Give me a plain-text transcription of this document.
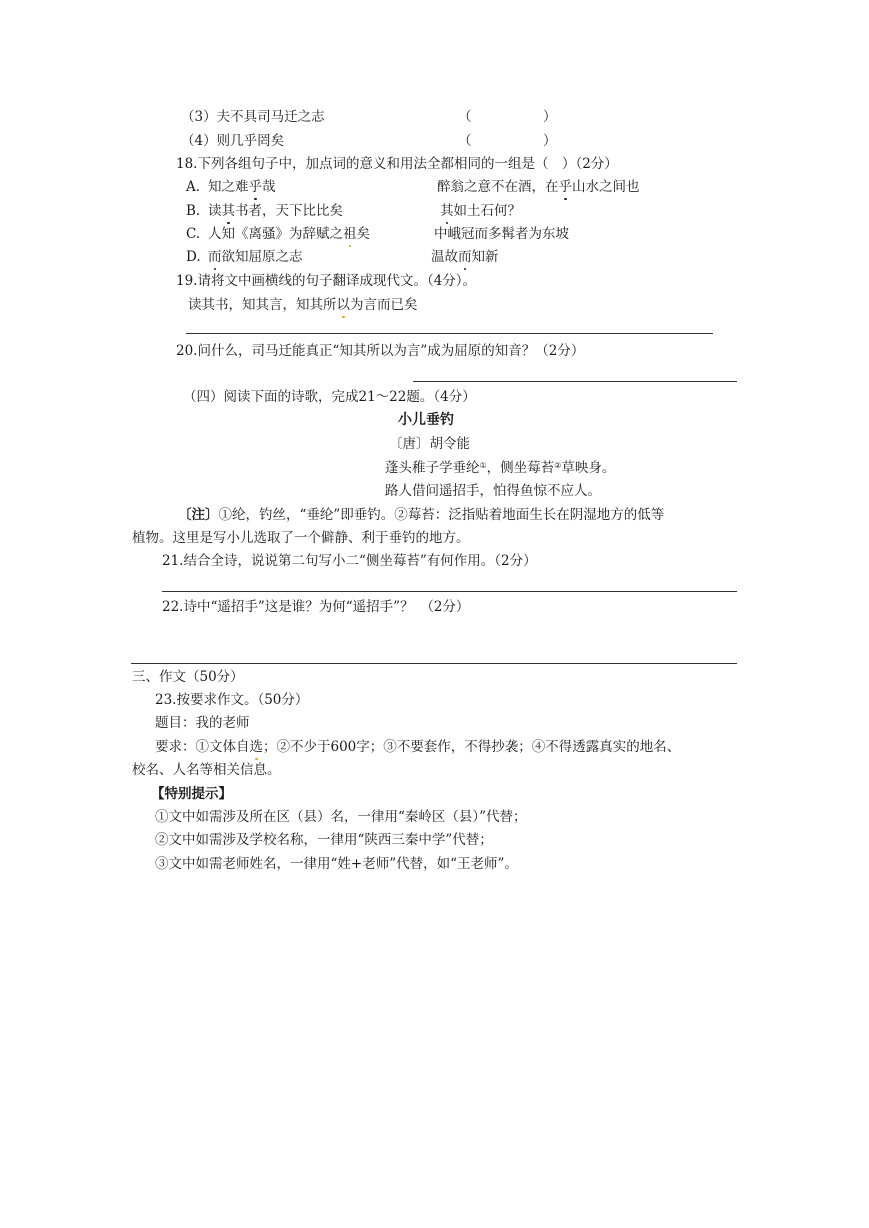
（3）夫不具司马迁之志	（	）
（4）则几乎罔矣	（	）
18.下列各组句子中，加点词的意义和用法全都相同的一组是（　）（2分）
A. 知之难乎哉	醉翁之意不在酒，在乎山水之间也
B. 读其书者，天下比比矣	其如土石何？
C. 人知《离骚》为辞赋之祖矣	中峨冠而多髯者为东坡
D. 而欲知屈原之志	温故而知新
19.请将文中画横线的句子翻译成现代文。（4分）。
读其书，知其言，知其所以为言而已矣
20.问什么，司马迁能真正“知其所以为言”成为屈原的知音？（2分）
（四）阅读下面的诗歌，完成21～22题。（4分）
小儿垂钓
〔唐〕胡令能
蓬头稚子学垂纶①，侧坐莓苔②草映身。
路人借问遥招手，怕得鱼惊不应人。
〔注〕①纶，钓丝，“垂纶”即垂钓。②莓苔：泛指贴着地面生长在阴湿地方的低等
植物。这里是写小儿选取了一个僻静、利于垂钓的地方。
21.结合全诗，说说第二句写小二“侧坐莓苔”有何作用。（2分）
22.诗中“遥招手”这是谁？为何“遥招手”？　（2分）
三、作文（50分）
23.按要求作文。（50分）
题目：我的老师
要求：①文体自选；②不少于600字；③不要套作，不得抄袭；④不得透露真实的地名、
校名、人名等相关信息。
【特别提示】
①文中如需涉及所在区（县）名，一律用“秦岭区（县）”代替；
②文中如需涉及学校名称，一律用“陕西三秦中学”代替；
③文中如需老师姓名，一律用“姓+老师”代替，如“王老师”。
